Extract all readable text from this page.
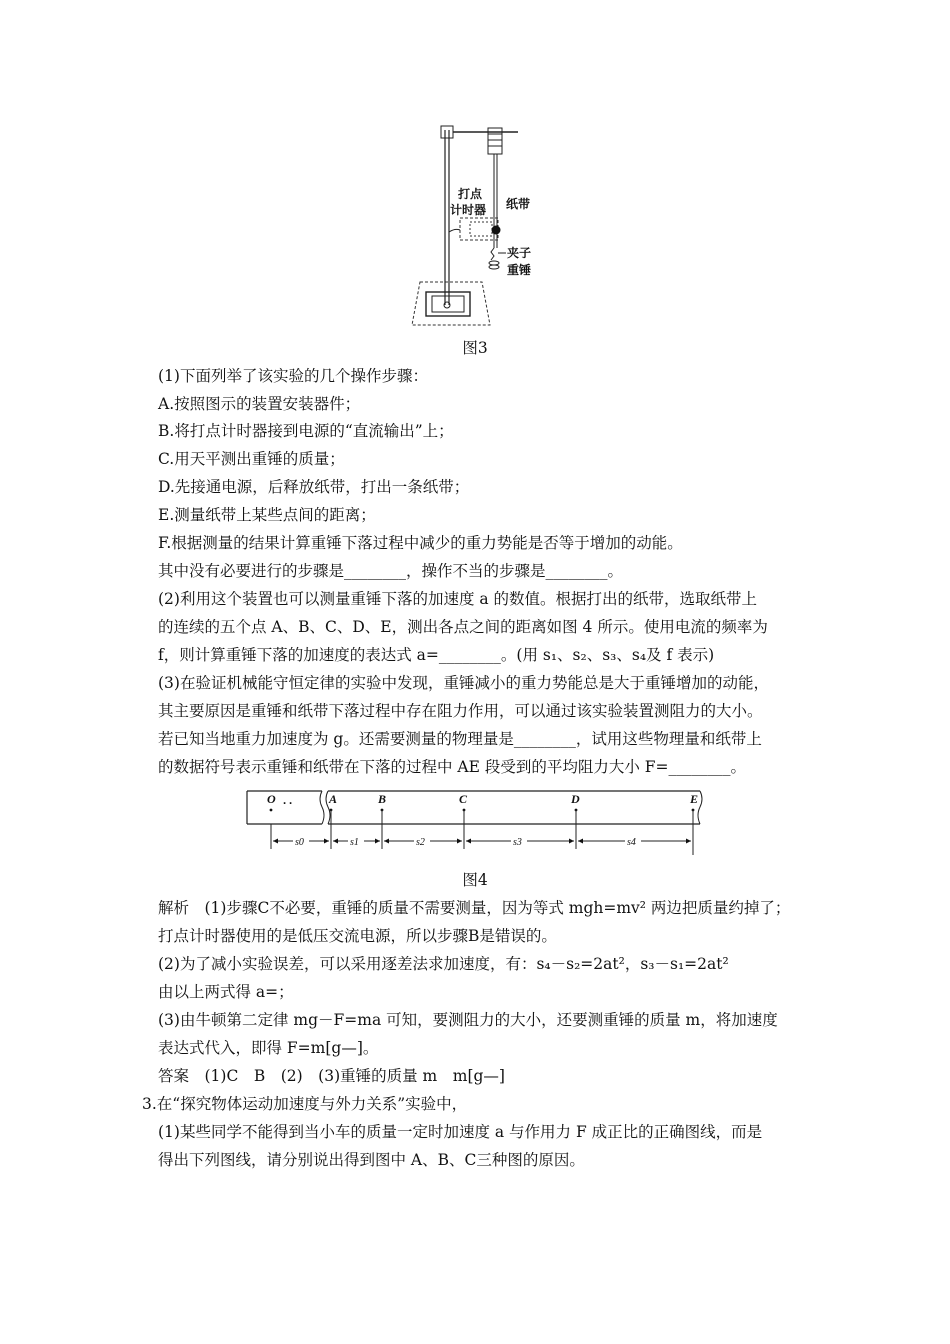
打点
计时器 纸带
夹子
重锤
图3
(1)下面列举了该实验的几个操作步骤：
A.按照图示的装置安装器件；
B.将打点计时器接到电源的“直流输出”上；
C.用天平测出重锤的质量；
D.先接通电源，后释放纸带，打出一条纸带；
E.测量纸带上某些点间的距离；
F.根据测量的结果计算重锤下落过程中减少的重力势能是否等于增加的动能。
其中没有必要进行的步骤是________，操作不当的步骤是________。
(2)利用这个装置也可以测量重锤下落的加速度 a 的数值。根据打出的纸带，选取纸带上
的连续的五个点 A、B、C、D、E，测出各点之间的距离如图 4 所示。使用电流的频率为
f，则计算重锤下落的加速度的表达式 a=________。(用 s₁、s₂、s₃、s₄及 f 表示)
(3)在验证机械能守恒定律的实验中发现，重锤减小的重力势能总是大于重锤增加的动能，
其主要原因是重锤和纸带下落过程中存在阻力作用，可以通过该实验装置测阻力的大小。
若已知当地重力加速度为 g。还需要测量的物理量是________，试用这些物理量和纸带上
的数据符号表示重锤和纸带在下落的过程中 AE 段受到的平均阻力大小 F=________。
O · ·	A	B	C	D	E
s0	s1	s2	s3	s4
图4
解析　(1)步骤C不必要，重锤的质量不需要测量，因为等式 mgh=mv² 两边把质量约掉了；
打点计时器使用的是低压交流电源，所以步骤B是错误的。
(2)为了减小实验误差，可以采用逐差法求加速度，有：s₄－s₂=2at²，s₃－s₁=2at²
由以上两式得 a=；
(3)由牛顿第二定律 mg－F=ma 可知，要测阻力的大小，还要测重锤的质量 m，将加速度
表达式代入，即得 F=m[g—]。
答案　(1)C　B　(2)　(3)重锤的质量 m　m[g—]
3.在“探究物体运动加速度与外力关系”实验中，
(1)某些同学不能得到当小车的质量一定时加速度 a 与作用力 F 成正比的正确图线，而是
得出下列图线，请分别说出得到图中 A、B、C三种图的原因。
